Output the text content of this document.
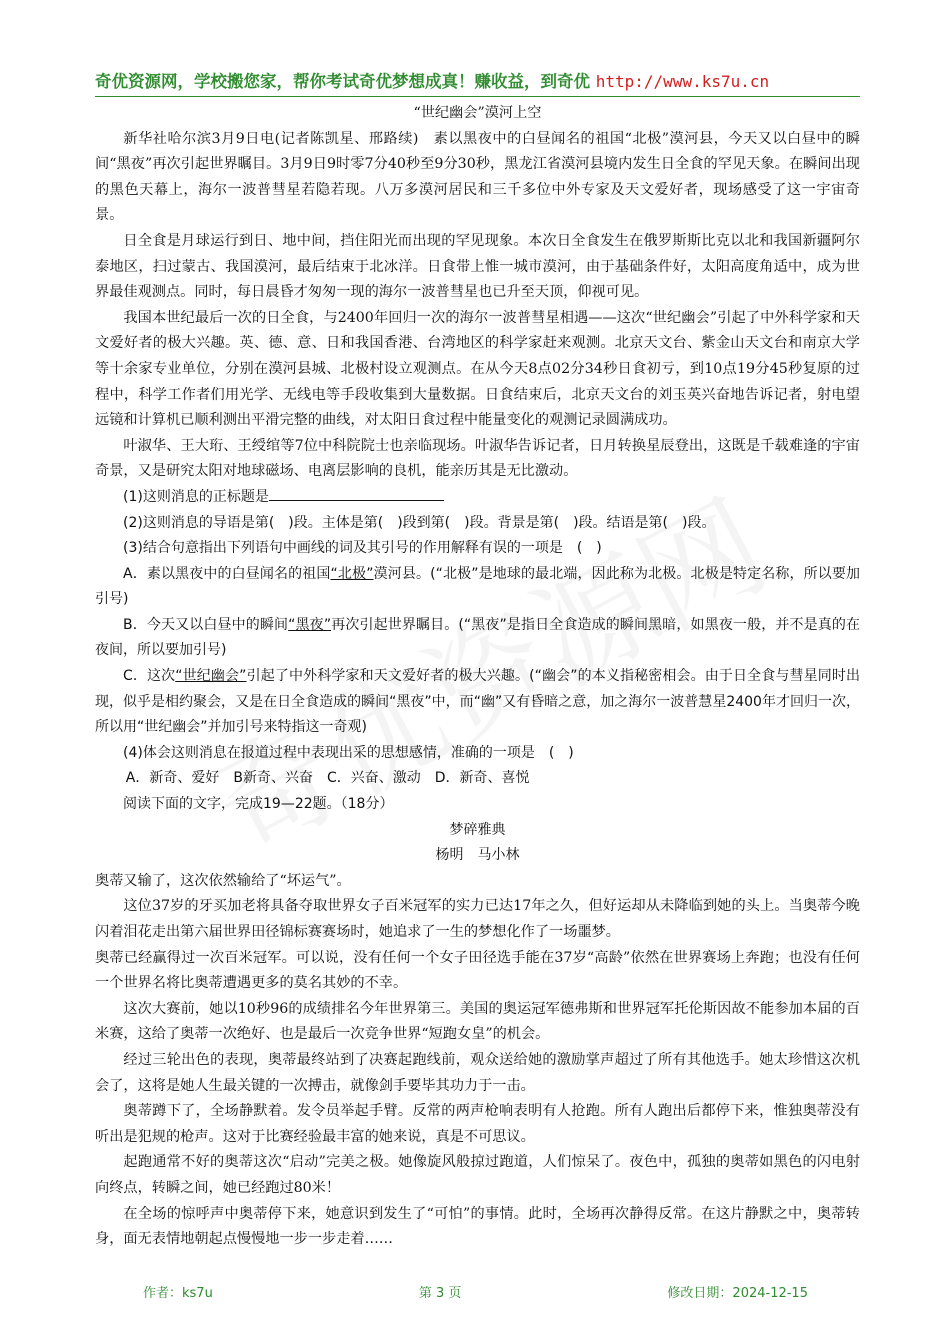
奇优资源网，学校搬您家，帮你考试奇优梦想成真！赚收益，到奇优 http://www.ks7u.cn

“世纪幽会”漠河上空

新华社哈尔滨3月9日电(记者陈凯星、邢路续)　素以黑夜中的白昼闻名的祖国“北极”漠河县，今天又以白昼中的瞬间“黑夜”再次引起世界瞩目。3月9日9时零7分40秒至9分30秒，黑龙江省漠河县境内发生日全食的罕见天象。在瞬间出现的黑色天幕上，海尔一波普彗星若隐若现。八万多漠河居民和三千多位中外专家及天文爱好者，现场感受了这一宇宙奇景。

日全食是月球运行到日、地中间，挡住阳光而出现的罕见现象。本次日全食发生在俄罗斯斯比克以北和我国新疆阿尔泰地区，扫过蒙古、我国漠河，最后结束于北冰洋。日食带上惟一城市漠河，由于基础条件好，太阳高度角适中，成为世界最佳观测点。同时，每日晨昏才匆匆一现的海尔一波普彗星也已升至天顶，仰视可见。

我国本世纪最后一次的日全食，与2400年回归一次的海尔一波普彗星相遇——这次“世纪幽会”引起了中外科学家和天文爱好者的极大兴趣。英、德、意、日和我国香港、台湾地区的科学家赶来观测。北京天文台、紫金山天文台和南京大学等十余家专业单位，分别在漠河县城、北极村设立观测点。在从今天8点02分34秒日食初亏，到10点19分45秒复原的过程中，科学工作者们用光学、无线电等手段收集到大量数据。日食结束后，北京天文台的刘玉英兴奋地告诉记者，射电望远镜和计算机已顺利测出平滑完整的曲线，对太阳日食过程中能量变化的观测记录圆满成功。

叶淑华、王大珩、王绶绾等7位中科院院士也亲临现场。叶淑华告诉记者，日月转换星辰登出，这既是千载难逢的宇宙奇景，又是研究太阳对地球磁场、电离层影响的良机，能亲历其是无比激动。

(1)这则消息的正标题是

(2)这则消息的导语是第(　)段。主体是第(　)段到第(　)段。背景是第(　)段。结语是第(　)段。

(3)结合句意指出下列语句中画线的词及其引号的作用解释有误的一项是　(　)

A．素以黑夜中的白昼闻名的祖国“北极”漠河县。(“北极”是地球的最北端，因此称为北极。北极是特定名称，所以要加引号)

B．今天又以白昼中的瞬间“黑夜”再次引起世界瞩目。(“黑夜”是指日全食造成的瞬间黑暗，如黑夜一般，并不是真的在夜间，所以要加引号)

C．这次“世纪幽会”引起了中外科学家和天文爱好者的极大兴趣。(“幽会”的本义指秘密相会。由于日全食与彗星同时出现，似乎是相约聚会，又是在日全食造成的瞬间“黑夜”中，而“幽”又有昏暗之意，加之海尔一波普慧星2400年才回归一次，所以用“世纪幽会”并加引号来特指这一奇观)

(4)体会这则消息在报道过程中表现出采的思想感情，准确的一项是　(　)

A．新奇、爱好　B新奇、兴奋　C．兴奋、激动　D．新奇、喜悦

阅读下面的文字，完成19—22题。（18分）

梦碎雅典

杨明　马小林

奥蒂又输了，这次依然输给了“坏运气”。

这位37岁的牙买加老将具备夺取世界女子百米冠军的实力已达17年之久，但好运却从未降临到她的头上。当奥蒂今晚闪着泪花走出第六届世界田径锦标赛赛场时，她追求了一生的梦想化作了一场噩梦。

奥蒂已经赢得过一次百米冠军。可以说，没有任何一个女子田径选手能在37岁“高龄”依然在世界赛场上奔跑；也没有任何一个世界名将比奥蒂遭遇更多的莫名其妙的不幸。

这次大赛前，她以10秒96的成绩排名今年世界第三。美国的奥运冠军德弗斯和世界冠军托伦斯因故不能参加本届的百米赛，这给了奥蒂一次绝好、也是最后一次竞争世界“短跑女皇”的机会。

经过三轮出色的表现，奥蒂最终站到了决赛起跑线前，观众送给她的激励掌声超过了所有其他选手。她太珍惜这次机会了，这将是她人生最关键的一次搏击，就像剑手要毕其功力于一击。

奥蒂蹲下了，全场静默着。发令员举起手臂。反常的两声枪响表明有人抢跑。所有人跑出后都停下来，惟独奥蒂没有听出是犯规的枪声。这对于比赛经验最丰富的她来说，真是不可思议。

起跑通常不好的奥蒂这次“启动”完美之极。她像旋风般掠过跑道，人们惊呆了。夜色中，孤独的奥蒂如黑色的闪电射向终点，转瞬之间，她已经跑过80米！

在全场的惊呼声中奥蒂停下来，她意识到发生了“可怕”的事情。此时，全场再次静得反常。在这片静默之中，奥蒂转身，面无表情地朝起点慢慢地一步一步走着……

作者：ks7u	第 3 页	修改日期：2024-12-15
